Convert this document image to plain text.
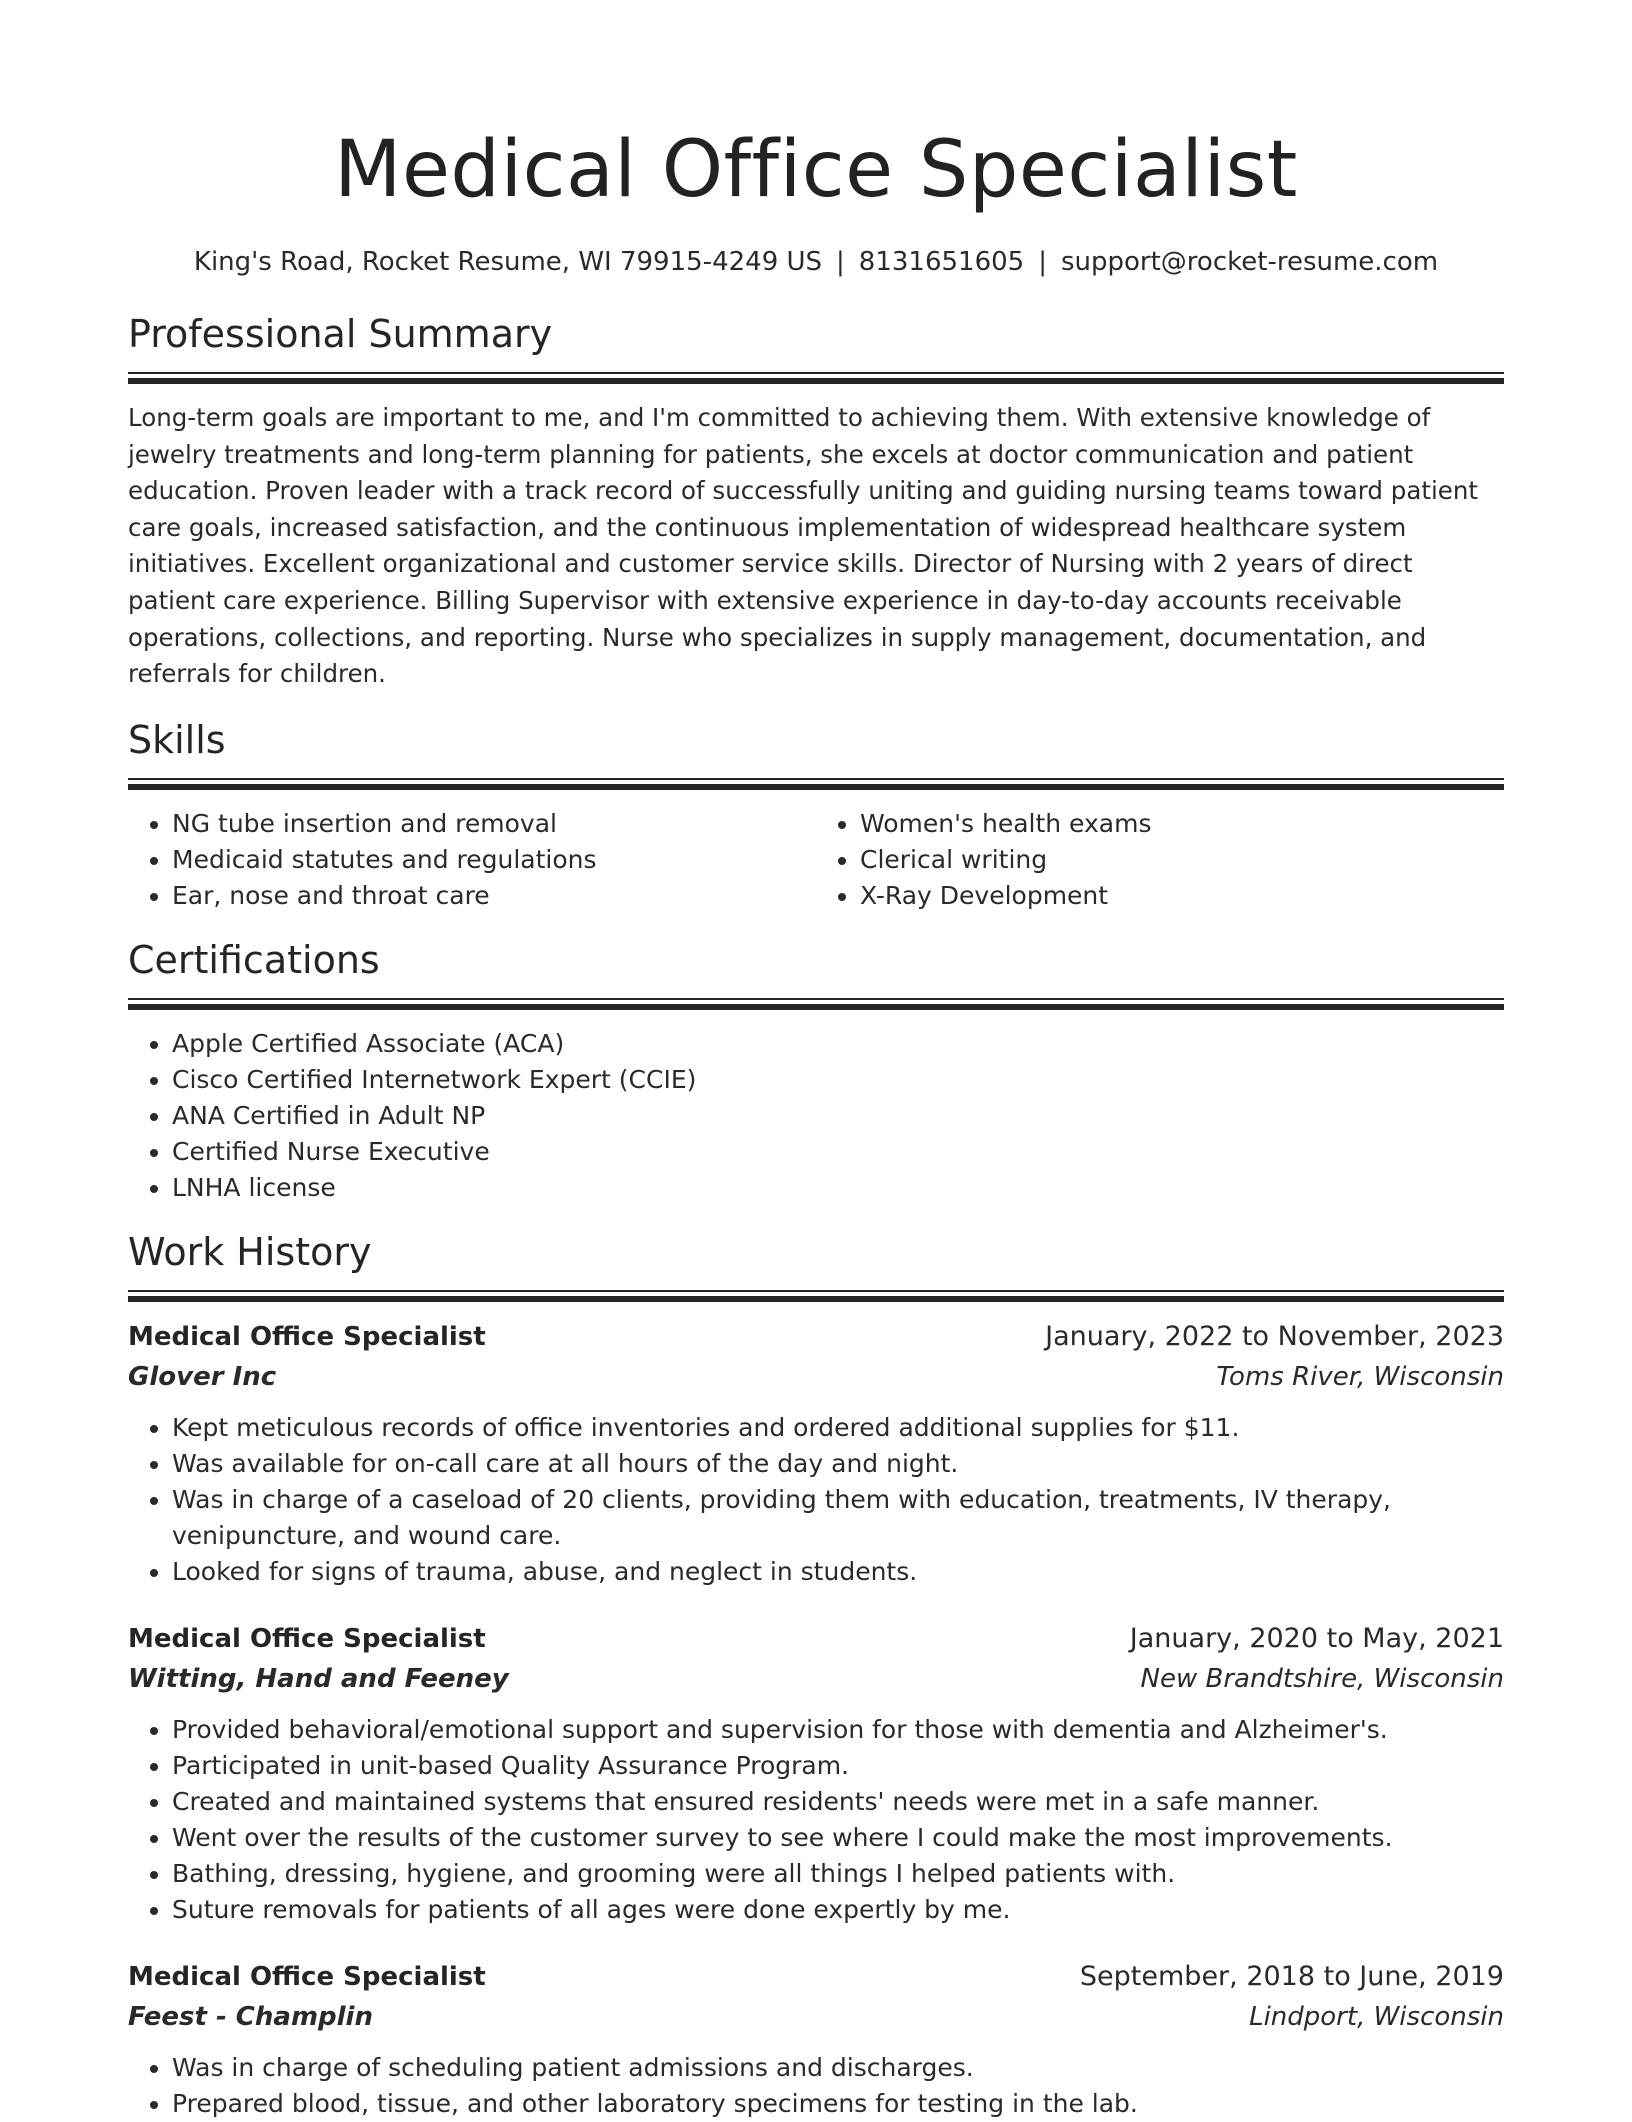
Medical Office Specialist
King's Road, Rocket Resume, WI 79915-4249 US | 8131651605 | support@rocket-resume.com
Professional Summary

Long-term goals are important to me, and I'm committed to achieving them. With extensive knowledge of jewelry treatments and long-term planning for patients, she excels at doctor communication and patient education. Proven leader with a track record of successfully uniting and guiding nursing teams toward patient care goals, increased satisfaction, and the continuous implementation of widespread healthcare system initiatives. Excellent organizational and customer service skills. Director of Nursing with 2 years of direct patient care experience. Billing Supervisor with extensive experience in day-to-day accounts receivable operations, collections, and reporting. Nurse who specializes in supply management, documentation, and referrals for children.

Skills
• NG tube insertion and removal
• Medicaid statutes and regulations
• Ear, nose and throat care
• Women's health exams
• Clerical writing
• X-Ray Development
Certifications
• Apple Certified Associate (ACA)
• Cisco Certified Internetwork Expert (CCIE)
• ANA Certified in Adult NP
• Certified Nurse Executive
• LNHA license
Work History
Medical Office Specialist	January, 2022 to November, 2023
Glover Inc	Toms River, Wisconsin
• Kept meticulous records of office inventories and ordered additional supplies for $11.
• Was available for on-call care at all hours of the day and night.
• Was in charge of a caseload of 20 clients, providing them with education, treatments, IV therapy, venipuncture, and wound care.
• Looked for signs of trauma, abuse, and neglect in students.
Medical Office Specialist	January, 2020 to May, 2021
Witting, Hand and Feeney	New Brandtshire, Wisconsin
• Provided behavioral/emotional support and supervision for those with dementia and Alzheimer's.
• Participated in unit-based Quality Assurance Program.
• Created and maintained systems that ensured residents' needs were met in a safe manner.
• Went over the results of the customer survey to see where I could make the most improvements.
• Bathing, dressing, hygiene, and grooming were all things I helped patients with.
• Suture removals for patients of all ages were done expertly by me.
Medical Office Specialist	September, 2018 to June, 2019
Feest - Champlin	Lindport, Wisconsin
• Was in charge of scheduling patient admissions and discharges.
• Prepared blood, tissue, and other laboratory specimens for testing in the lab.
